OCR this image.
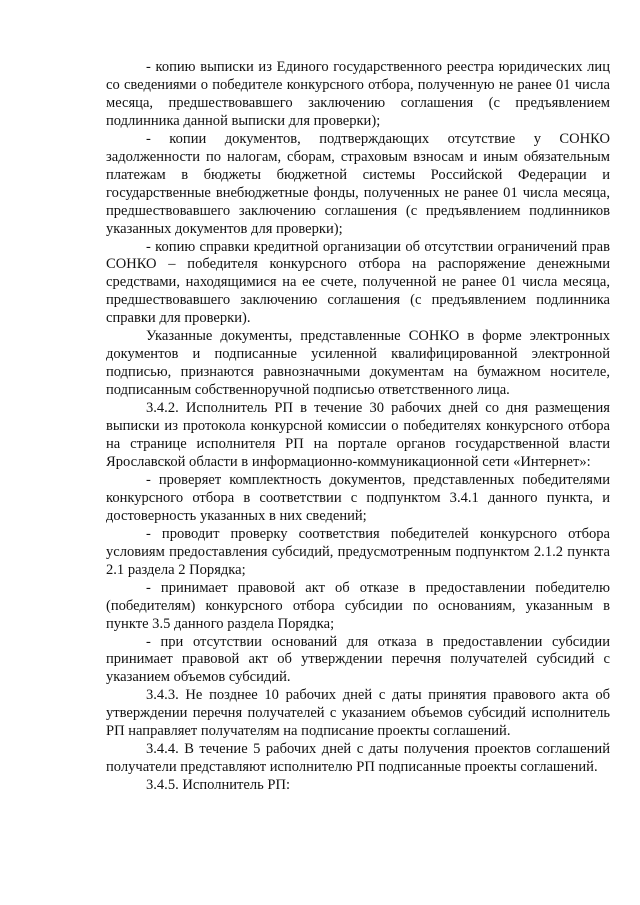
- копию выписки из Единого государственного реестра юридических лиц со сведениями о победителе конкурсного отбора, полученную не ранее 01 числа месяца, предшествовавшего заключению соглашения (с предъявлением подлинника данной выписки для проверки);

- копии документов, подтверждающих отсутствие у СОНКО задолженности по налогам, сборам, страховым взносам и иным обязательным платежам в бюджеты бюджетной системы Российской Федерации и государственные внебюджетные фонды, полученных не ранее 01 числа месяца, предшествовавшего заключению соглашения (с предъявлением подлинников указанных документов для проверки);

- копию справки кредитной организации об отсутствии ограничений прав СОНКО – победителя конкурсного отбора на распоряжение денежными средствами, находящимися на ее счете, полученной не ранее 01 числа месяца, предшествовавшего заключению соглашения (с предъявлением подлинника справки для проверки).

Указанные документы, представленные СОНКО в форме электронных документов и подписанные усиленной квалифицированной электронной подписью, признаются равнозначными документам на бумажном носителе, подписанным собственноручной подписью ответственного лица.

3.4.2. Исполнитель РП в течение 30 рабочих дней со дня размещения выписки из протокола конкурсной комиссии о победителях конкурсного отбора на странице исполнителя РП на портале органов государственной власти Ярославской области в информационно-коммуникационной сети «Интернет»:

- проверяет комплектность документов, представленных победителями конкурсного отбора в соответствии с подпунктом 3.4.1 данного пункта, и достоверность указанных в них сведений;

- проводит проверку соответствия победителей конкурсного отбора условиям предоставления субсидий, предусмотренным подпунктом 2.1.2 пункта 2.1 раздела 2 Порядка;

- принимает правовой акт об отказе в предоставлении победителю (победителям) конкурсного отбора субсидии по основаниям, указанным в пункте 3.5 данного раздела Порядка;

- при отсутствии оснований для отказа в предоставлении субсидии принимает правовой акт об утверждении перечня получателей субсидий с указанием объемов субсидий.

3.4.3. Не позднее 10 рабочих дней с даты принятия правового акта об утверждении перечня получателей с указанием объемов субсидий исполнитель РП направляет получателям на подписание проекты соглашений.

3.4.4. В течение 5 рабочих дней с даты получения проектов соглашений получатели представляют исполнителю РП подписанные проекты соглашений.

3.4.5. Исполнитель РП:
